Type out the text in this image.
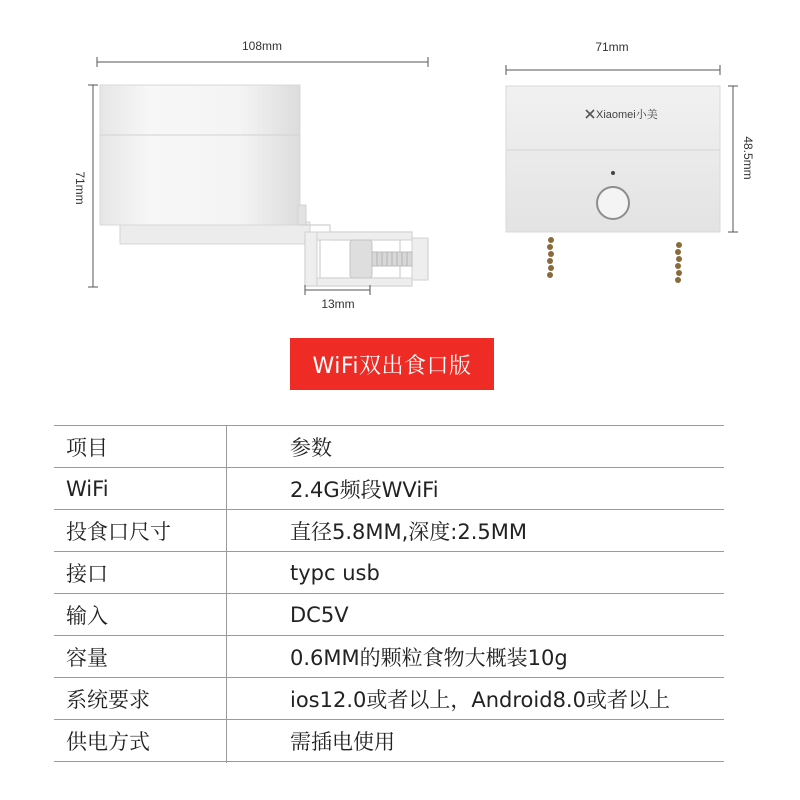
108mm
71mm
13mm
Xiaomei小美
71mm
48.5mm
WiFi双出食口版
项目	参数
WiFi	2.4G频段WViFi
投食口尺寸	直径5.8MM,深度:2.5MM
接口	typc usb
输入	DC5V
容量	0.6MM的颗粒食物大概装10g
系统要求	ios12.0或者以上，Android8.0或者以上
供电方式	需插电使用
